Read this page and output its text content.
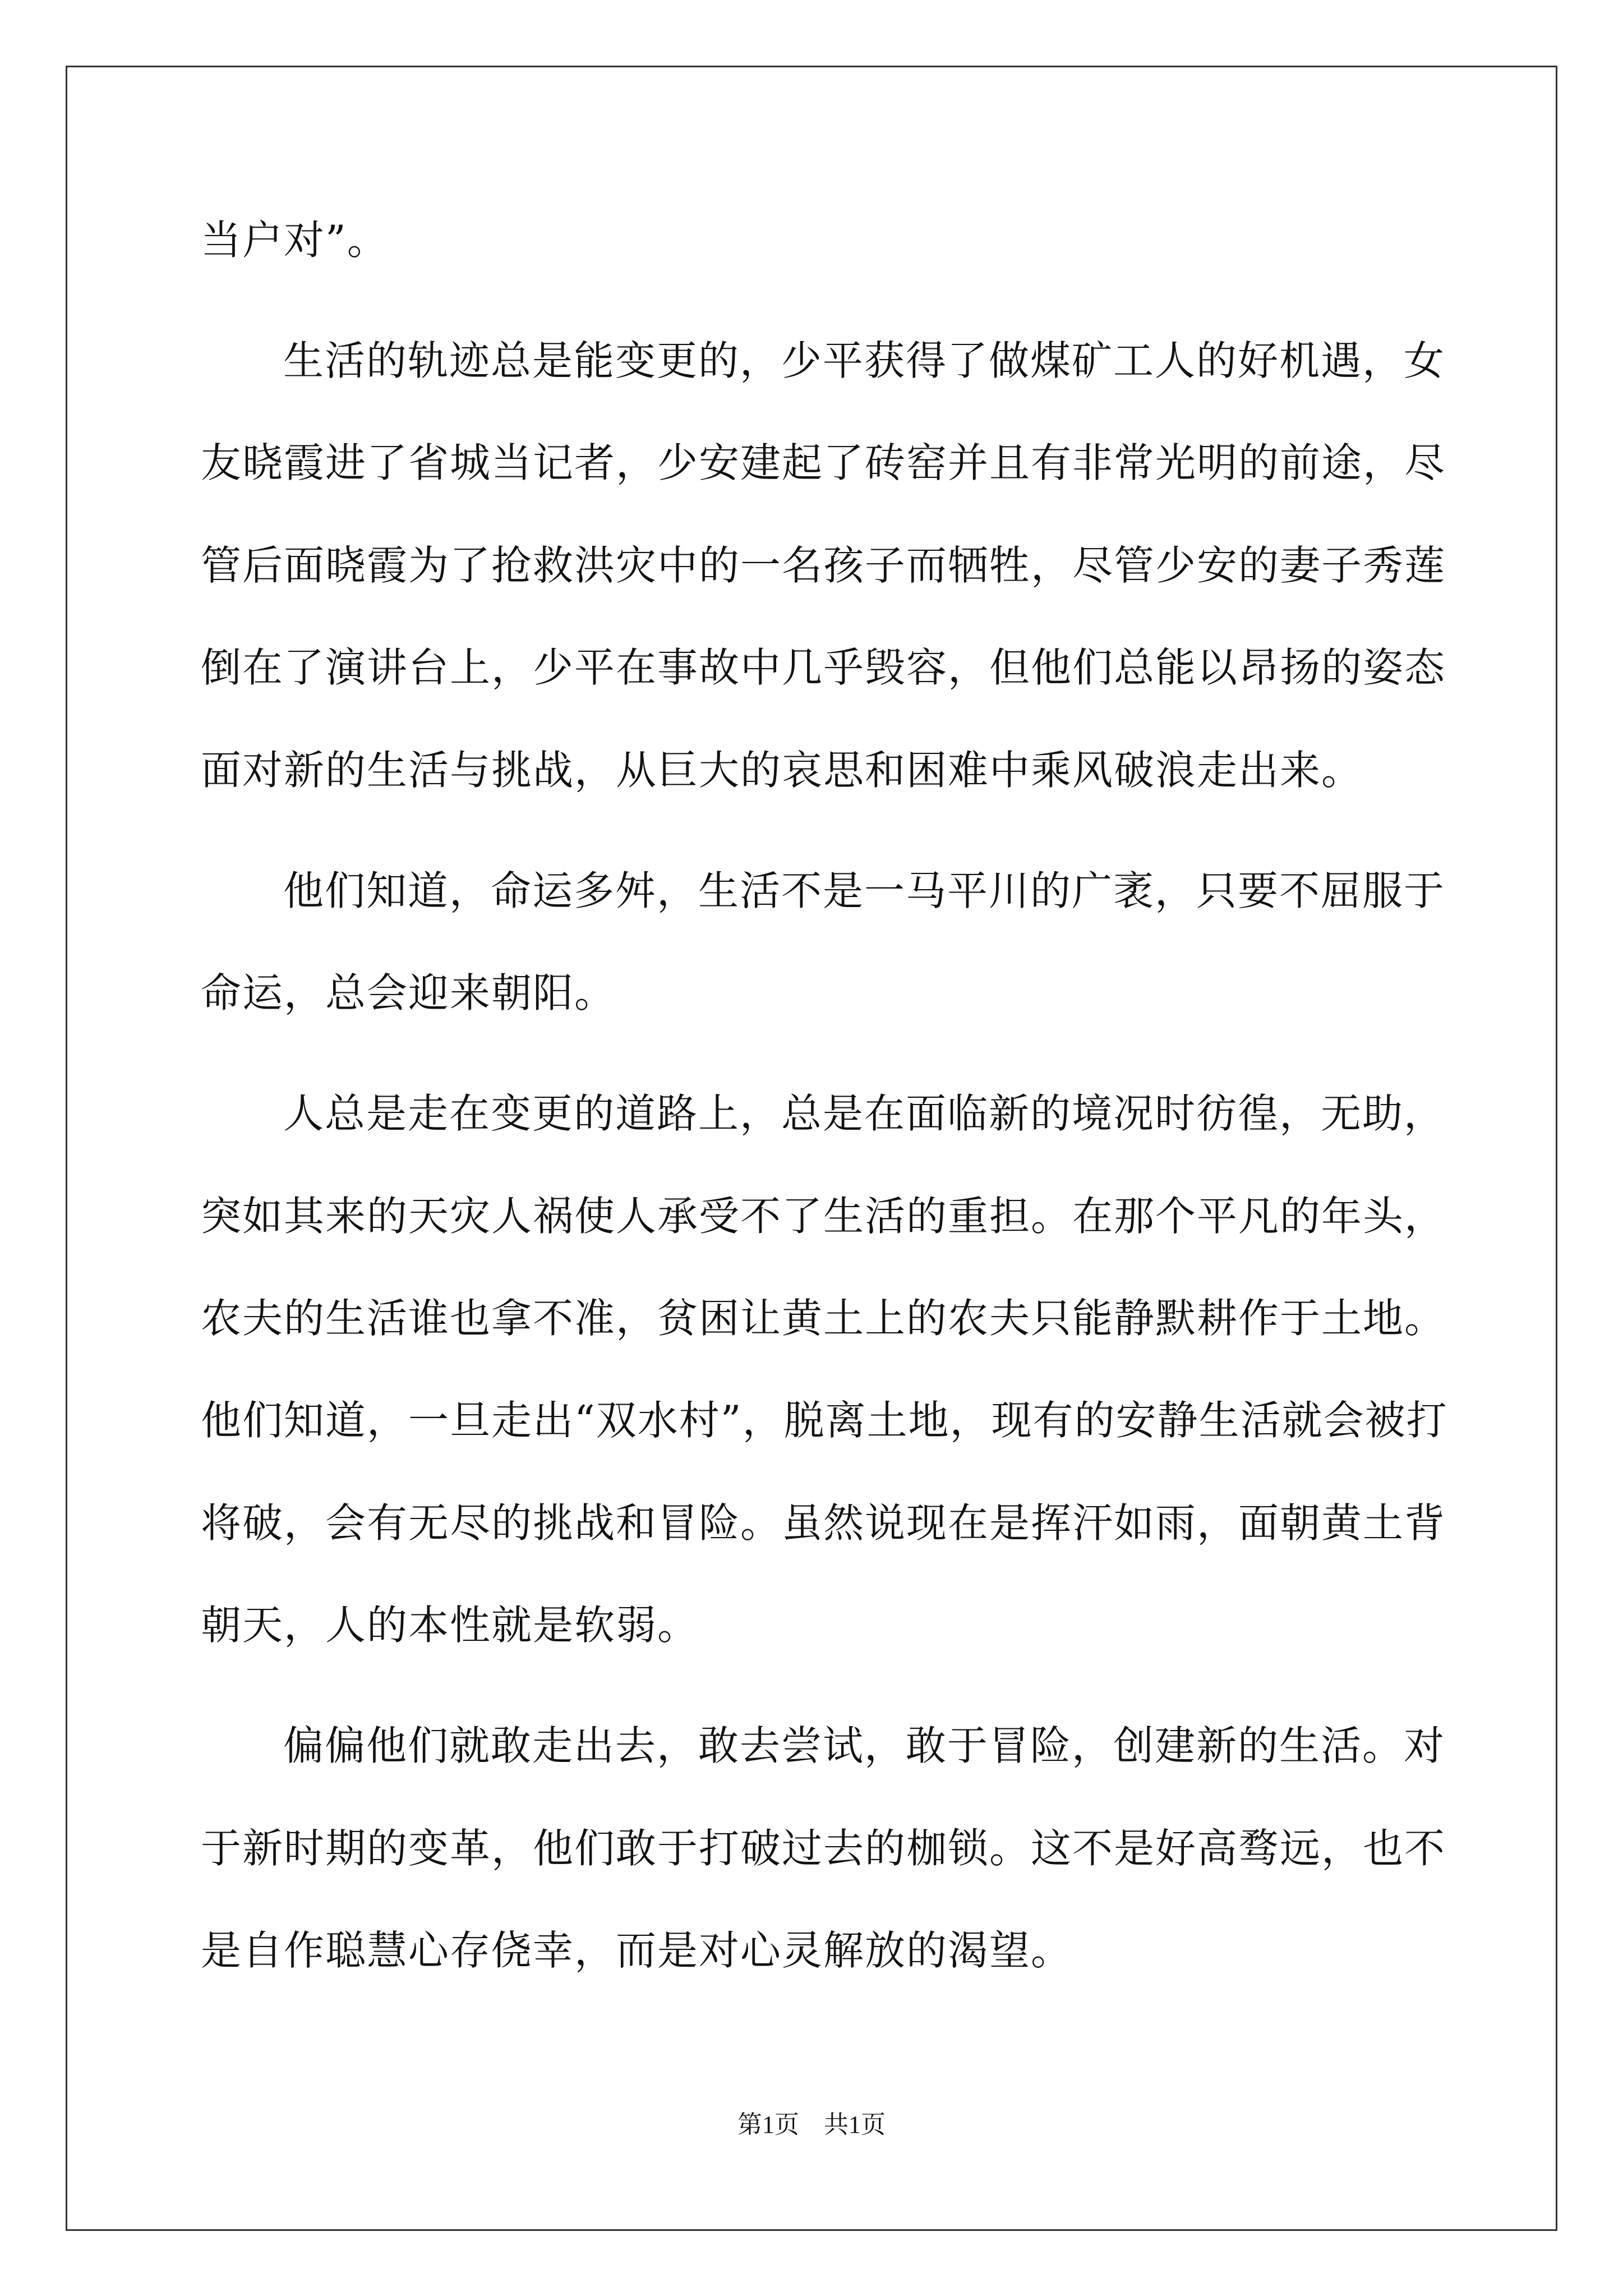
当户对”。
生活的轨迹总是能变更的，少平获得了做煤矿工人的好机遇，女
友晓霞进了省城当记者，少安建起了砖窑并且有非常光明的前途，尽
管后面晓霞为了抢救洪灾中的一名孩子而牺牲，尽管少安的妻子秀莲
倒在了演讲台上，少平在事故中几乎毁容，但他们总能以昂扬的姿态
面对新的生活与挑战，从巨大的哀思和困难中乘风破浪走出来。
他们知道，命运多舛，生活不是一马平川的广袤，只要不屈服于
命运，总会迎来朝阳。
人总是走在变更的道路上，总是在面临新的境况时彷徨，无助，
突如其来的天灾人祸使人承受不了生活的重担。在那个平凡的年头，
农夫的生活谁也拿不准，贫困让黄土上的农夫只能静默耕作于土地。
他们知道，一旦走出“双水村”，脱离土地，现有的安静生活就会被打
将破，会有无尽的挑战和冒险。虽然说现在是挥汗如雨，面朝黄土背
朝天，人的本性就是软弱。
偏偏他们就敢走出去，敢去尝试，敢于冒险，创建新的生活。对
于新时期的变革，他们敢于打破过去的枷锁。这不是好高骛远，也不
是自作聪慧心存侥幸，而是对心灵解放的渴望。
第1页　共1页
